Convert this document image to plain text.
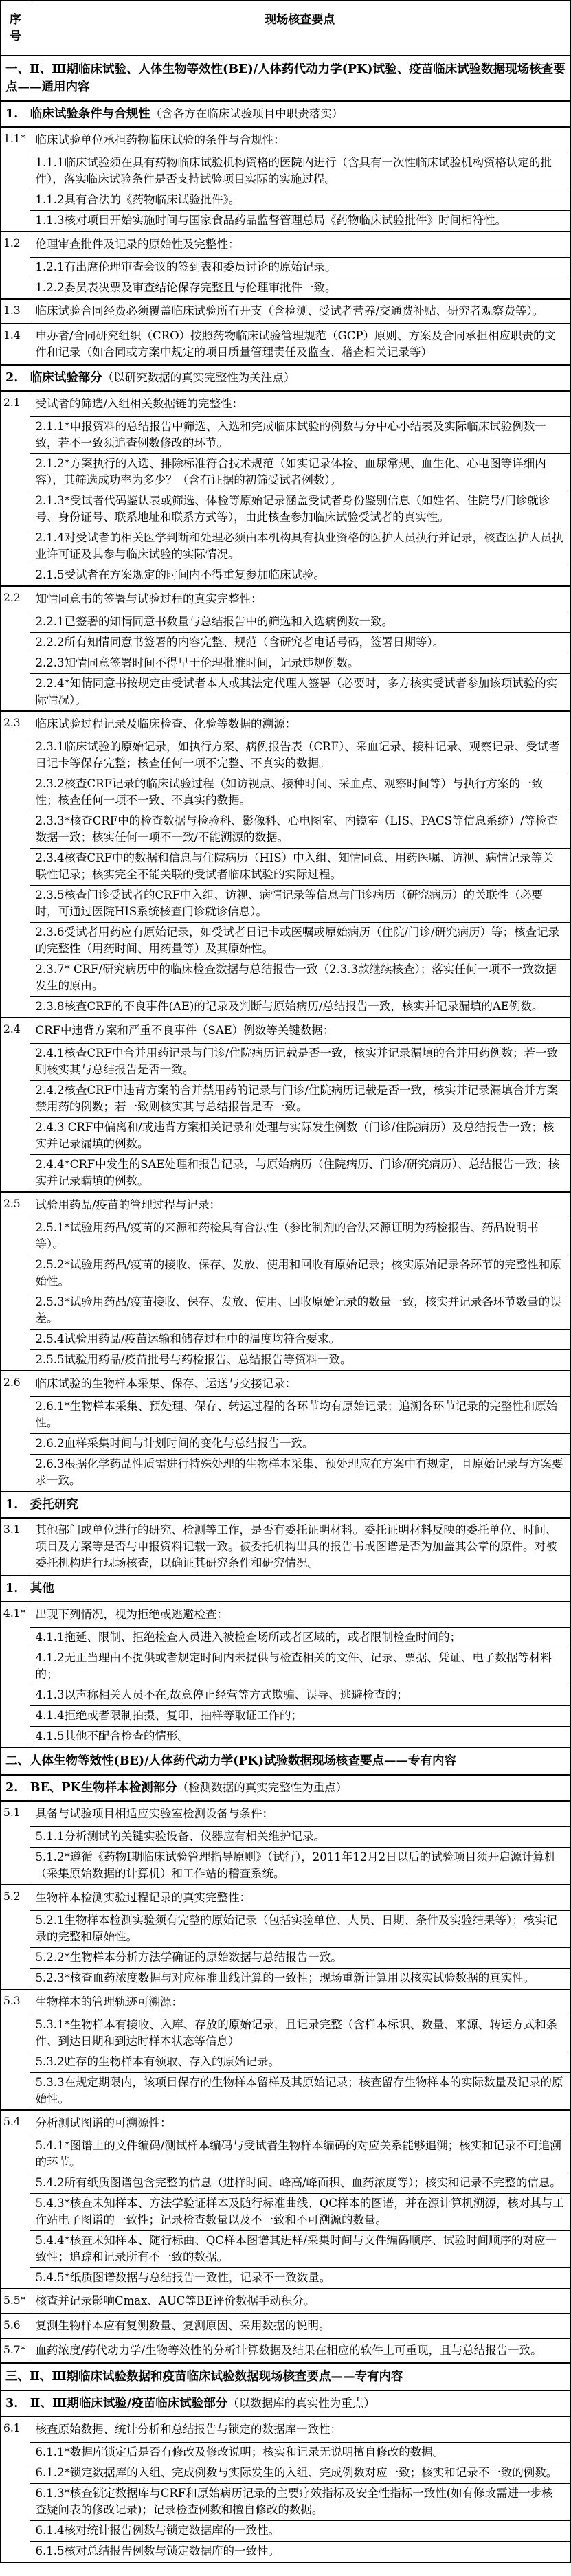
序号	现场核查要点
一、Ⅱ、Ⅲ期临床试验、人体生物等效性(BE)/人体药代动力学(PK)试验、疫苗临床试验数据现场核查要点——通用内容	
1.　临床试验条件与合规性（含各方在临床试验项目中职责落实）	
1.1*	临床试验单位承担药物临床试验的条件与合规性：
	1.1.1临床试验须在具有药物临床试验机构资格的医院内进行（含具有一次性临床试验机构资格认定的批件），落实临床试验条件是否支持试验项目实际的实施过程。
	1.1.2具有合法的《药物临床试验批件》。
	1.1.3核对项目开始实施时间与国家食品药品监督管理总局《药物临床试验批件》时间相符性。
1.2	伦理审查批件及记录的原始性及完整性：
	1.2.1有出席伦理审查会议的签到表和委员讨论的原始记录。
	1.2.2委员表决票及审查结论保存完整且与伦理审批件一致。
1.3	临床试验合同经费必须覆盖临床试验所有开支（含检测、受试者营养/交通费补贴、研究者观察费等）。
1.4	申办者/合同研究组织（CRO）按照药物临床试验管理规范（GCP）原则、方案及合同承担相应职责的文件和记录（如合同或方案中规定的项目质量管理责任及监查、稽查相关记录等）
2.　临床试验部分（以研究数据的真实完整性为关注点）	
2.1	受试者的筛选/入组相关数据链的完整性：
	2.1.1*申报资料的总结报告中筛选、入选和完成临床试验的例数与分中心小结表及实际临床试验例数一致，若不一致须追查例数修改的环节。
	2.1.2*方案执行的入选、排除标准符合技术规范（如实记录体检、血尿常规、血生化、心电图等详细内容），其筛选成功率为多少？（含有证据的初筛受试者例数）。
	2.1.3*受试者代码鉴认表或筛选、体检等原始记录涵盖受试者身份鉴别信息（如姓名、住院号/门诊就诊号、身份证号、联系地址和联系方式等），由此核查参加临床试验受试者的真实性。
	2.1.4对受试者的相关医学判断和处理必须由本机构具有执业资格的医护人员执行并记录，核查医护人员执业许可证及其参与临床试验的实际情况。
	2.1.5受试者在方案规定的时间内不得重复参加临床试验。
2.2	知情同意书的签署与试验过程的真实完整性：
	2.2.1已签署的知情同意书数量与总结报告中的筛选和入选病例数一致。
	2.2.2所有知情同意书签署的内容完整、规范（含研究者电话号码，签署日期等）。
	2.2.3知情同意签署时间不得早于伦理批准时间，记录违规例数。
	2.2.4*知情同意书按规定由受试者本人或其法定代理人签署（必要时，多方核实受试者参加该项试验的实际情况）。
2.3	临床试验过程记录及临床检查、化验等数据的溯源：
	2.3.1临床试验的原始记录，如执行方案、病例报告表（CRF）、采血记录、接种记录、观察记录、受试者日记卡等保存完整；核查任何一项不完整、不真实的数据。
	2.3.2核查CRF记录的临床试验过程（如访视点、接种时间、采血点、观察时间等）与执行方案的一致性；核查任何一项不一致、不真实的数据。
	2.3.3*核查CRF中的检查数据与检验科、影像科、心电图室、内镜室（LIS、PACS等信息系统）/等检查数据一致；核实任何一项不一致/不能溯源的数据。
	2.3.4核查CRF中的数据和信息与住院病历（HIS）中入组、知情同意、用药医嘱、访视、病情记录等关联性记录；核实完全不能关联的受试者临床试验的实际过程。
	2.3.5核查门诊受试者的CRF中入组、访视、病情记录等信息与门诊病历（研究病历）的关联性（必要时，可通过医院HIS系统核查门诊就诊信息）。
	2.3.6受试者用药应有原始记录，如受试者日记卡或医嘱或原始病历（住院/门诊/研究病历）等；核查记录的完整性（用药时间、用药量等）及其原始性。
	2.3.7* CRF/研究病历中的临床检查数据与总结报告一致（2.3.3款继续核查）；落实任何一项不一致数据发生的原由。
	2.3.8核查CRF的不良事件(AE)的记录及判断与原始病历/总结报告一致，核实并记录漏填的AE例数。
2.4	CRF中违背方案和严重不良事件（SAE）例数等关键数据：
	2.4.1核查CRF中合并用药记录与门诊/住院病历记载是否一致，核实并记录漏填的合并用药例数；若一致则核实其与总结报告是否一致。
	2.4.2核查CRF中违背方案的合并禁用药的记录与门诊/住院病历记载是否一致，核实并记录漏填合并方案禁用药的例数；若一致则核实其与总结报告是否一致。
	2.4.3 CRF中偏离和/或违背方案相关记录和处理与实际发生例数（门诊/住院病历）及总结报告一致；核实并记录漏填的例数。
	2.4.4*CRF中发生的SAE处理和报告记录，与原始病历（住院病历、门诊/研究病历）、总结报告一致；核实并记录瞒填的例数。
2.5	试验用药品/疫苗的管理过程与记录：
	2.5.1*试验用药品/疫苗的来源和药检具有合法性（参比制剂的合法来源证明为药检报告、药品说明书等）。
	2.5.2*试验用药品/疫苗的接收、保存、发放、使用和回收有原始记录；核实原始记录各环节的完整性和原始性。
	2.5.3*试验用药品/疫苗接收、保存、发放、使用、回收原始记录的数量一致，核实并记录各环节数量的误差。
	2.5.4试验用药品/疫苗运输和储存过程中的温度均符合要求。
	2.5.5试验用药品/疫苗批号与药检报告、总结报告等资料一致。
2.6	临床试验的生物样本采集、保存、运送与交接记录：
	2.6.1*生物样本采集、预处理、保存、转运过程的各环节均有原始记录；追溯各环节记录的完整性和原始性。
	2.6.2血样采集时间与计划时间的变化与总结报告一致。
	2.6.3根据化学药品性质需进行特殊处理的生物样本采集、预处理应在方案中有规定，且原始记录与方案要求一致。
1.　委托研究	
3.1	其他部门或单位进行的研究、检测等工作，是否有委托证明材料。委托证明材料反映的委托单位、时间、项目及方案等是否与申报资料记载一致。被委托机构出具的报告书或图谱是否为加盖其公章的原件。对被委托机构进行现场核查，以确证其研究条件和研究情况。
1.　其他	
4.1*	出现下列情况，视为拒绝或逃避检查：
	4.1.1拖延、限制、拒绝检查人员进入被检查场所或者区域的，或者限制检查时间的；
	4.1.2无正当理由不提供或者规定时间内未提供与检查相关的文件、记录、票据、凭证、电子数据等材料的；
	4.1.3以声称相关人员不在,故意停止经营等方式欺骗、误导、逃避检查的；
	4.1.4拒绝或者限制拍摄、复印、抽样等取证工作的；
	4.1.5其他不配合检查的情形。
二、人体生物等效性(BE)/人体药代动力学(PK)试验数据现场核查要点——专有内容	
2.　BE、PK生物样本检测部分（检测数据的真实完整性为重点）	
5.1	具备与试验项目相适应实验室检测设备与条件：
	5.1.1分析测试的关键实验设备、仪器应有相关维护记录。
	5.1.2*遵循《药物I期临床试验管理指导原则》（试行），2011年12月2日以后的试验项目须开启源计算机（采集原始数据的计算机）和工作站的稽查系统。
5.2	生物样本检测实验过程记录的真实完整性：
	5.2.1生物样本检测实验须有完整的原始记录（包括实验单位、人员、日期、条件及实验结果等）；核实记录的完整和原始性。
	5.2.2*生物样本分析方法学确证的原始数据与总结报告一致。
	5.2.3*核查血药浓度数据与对应标准曲线计算的一致性；现场重新计算用以核实试验数据的真实性。
5.3	生物样本的管理轨迹可溯源：
	5.3.1*生物样本有接收、入库、存放的原始记录，且记录完整（含样本标识、数量、来源、转运方式和条件、到达日期和到达时样本状态等信息）
	5.3.2贮存的生物样本有领取、存入的原始记录。
	5.3.3在规定期限内，该项目保存的生物样本留样及其原始记录；核查留存生物样本的实际数量及记录的原始性。
5.4	分析测试图谱的可溯源性：
	5.4.1*图谱上的文件编码/测试样本编码与受试者生物样本编码的对应关系能够追溯；核实和记录不可追溯的环节。
	5.4.2所有纸质图谱包含完整的信息（进样时间、峰高/峰面积、血药浓度等）；核实和记录不完整的信息。
	5.4.3*核查未知样本、方法学验证样本及随行标准曲线、QC样本的图谱，并在源计算机溯源，核对其与工作站电子图谱的一致性；记录检查数量以及不一致和不可溯源的数量。
	5.4.4*核查未知样本、随行标曲、QC样本图谱其进样/采集时间与文件编码顺序、试验时间顺序的对应一致性；追踪和记录所有不一致的数据。
	5.4.5*纸质图谱数据与总结报告一致性，记录不一致数量。
5.5*	核查并记录影响Cmax、AUC等BE评价数据手动积分。
5.6	复测生物样本应有复测数量、复测原因、采用数据的说明。
5.7*	血药浓度/药代动力学/生物等效性的分析计算数据及结果在相应的软件上可重现，且与总结报告一致。
三、Ⅱ、Ⅲ期临床试验数据和疫苗临床试验数据现场核查要点——专有内容	
3.　Ⅱ、Ⅲ期临床试验/疫苗临床试验部分（以数据库的真实性为重点）	
6.1	核查原始数据、统计分析和总结报告与锁定的数据库一致性：
	6.1.1*数据库锁定后是否有修改及修改说明；核实和记录无说明擅自修改的数据。
	6.1.2*锁定数据库的入组、完成例数与实际发生的入组、完成例数对应一致；核实和记录不一致的例数。
	6.1.3*核查锁定数据库与CRF和原始病历记录的主要疗效指标及安全性指标一致性(如有修改需进一步核查疑问表的修改记录)；记录检查例数和擅自修改的数据。
	6.1.4核对统计报告例数与锁定数据库的一致性。
	6.1.5核对总结报告例数与锁定数据库的一致性。
